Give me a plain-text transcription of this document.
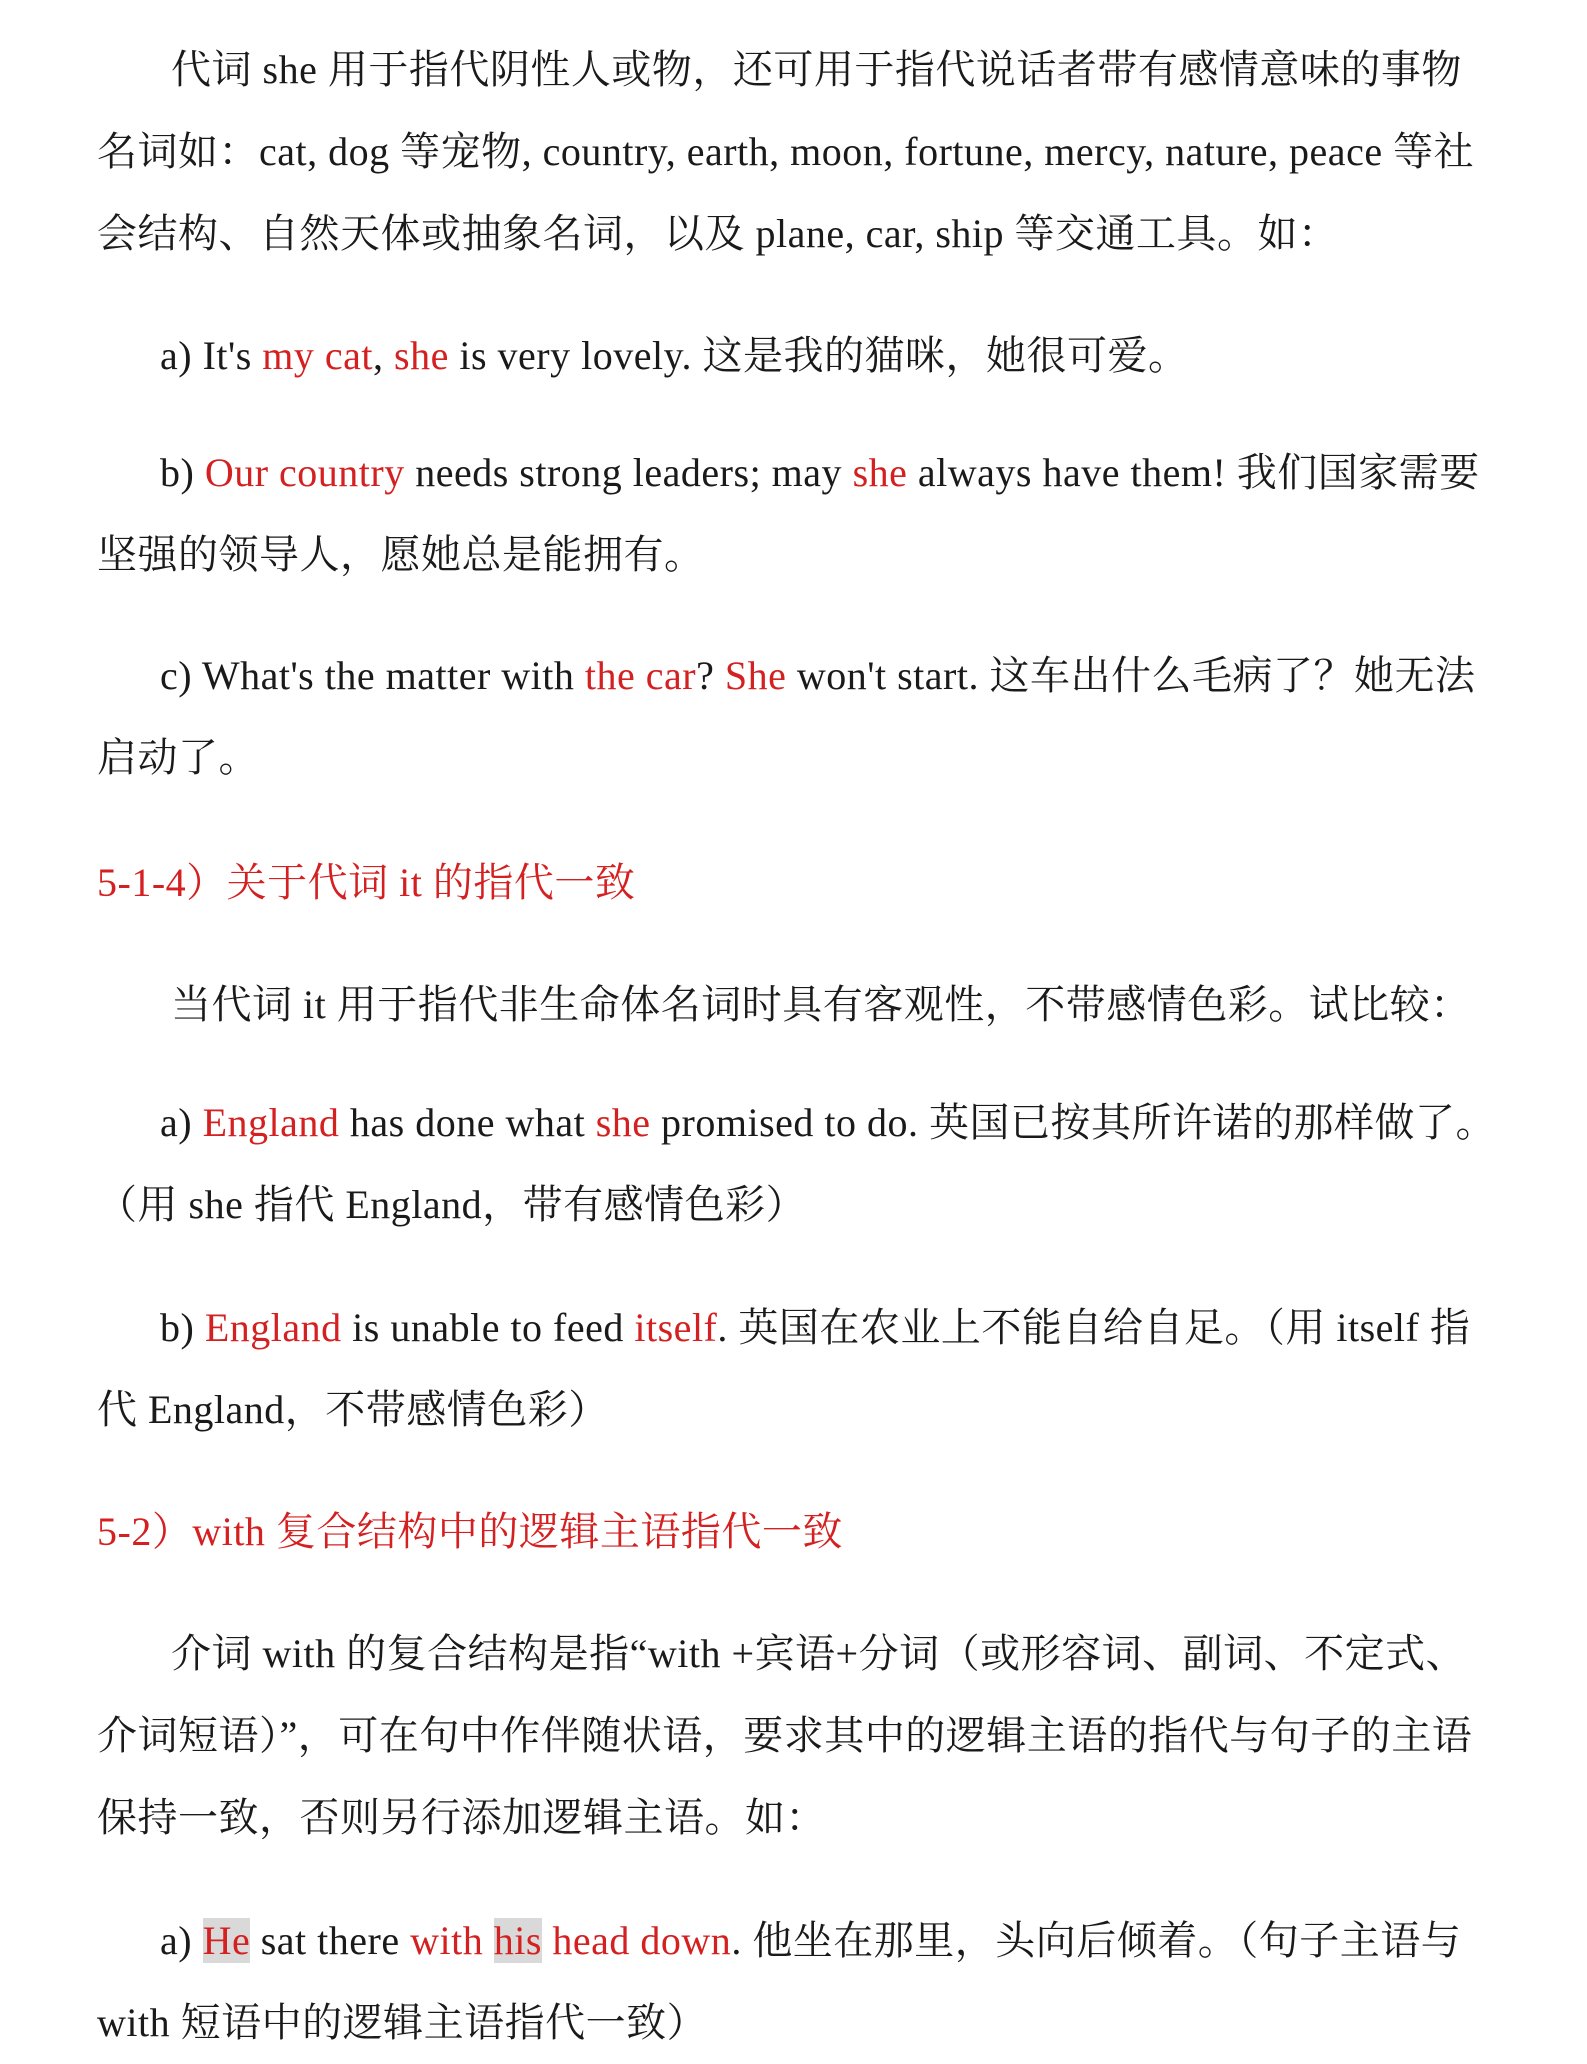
代词 she 用于指代阴性人或物，还可用于指代说话者带有感情意味的事物名词如：cat, dog 等宠物, country, earth, moon, fortune, mercy, nature, peace 等社会结构、自然天体或抽象名词，以及 plane, car, ship 等交通工具。如：
a) It's my cat, she is very lovely. 这是我的猫咪，她很可爱。
b) Our country needs strong leaders; may she always have them! 我们国家需要坚强的领导人，愿她总是能拥有。
c) What's the matter with the car? She won't start. 这车出什么毛病了？她无法启动了。
5-1-4）关于代词 it 的指代一致
当代词 it 用于指代非生命体名词时具有客观性，不带感情色彩。试比较：
a) England has done what she promised to do. 英国已按其所许诺的那样做了。（用 she 指代 England，带有感情色彩）
b) England is unable to feed itself. 英国在农业上不能自给自足。（用 itself 指代 England，不带感情色彩）
5-2）with 复合结构中的逻辑主语指代一致
介词 with 的复合结构是指“with +宾语+分词（或形容词、副词、不定式、介词短语）”，可在句中作伴随状语，要求其中的逻辑主语的指代与句子的主语保持一致，否则另行添加逻辑主语。如：
a) He sat there with his head down. 他坐在那里，头向后倾着。（句子主语与 with 短语中的逻辑主语指代一致）
